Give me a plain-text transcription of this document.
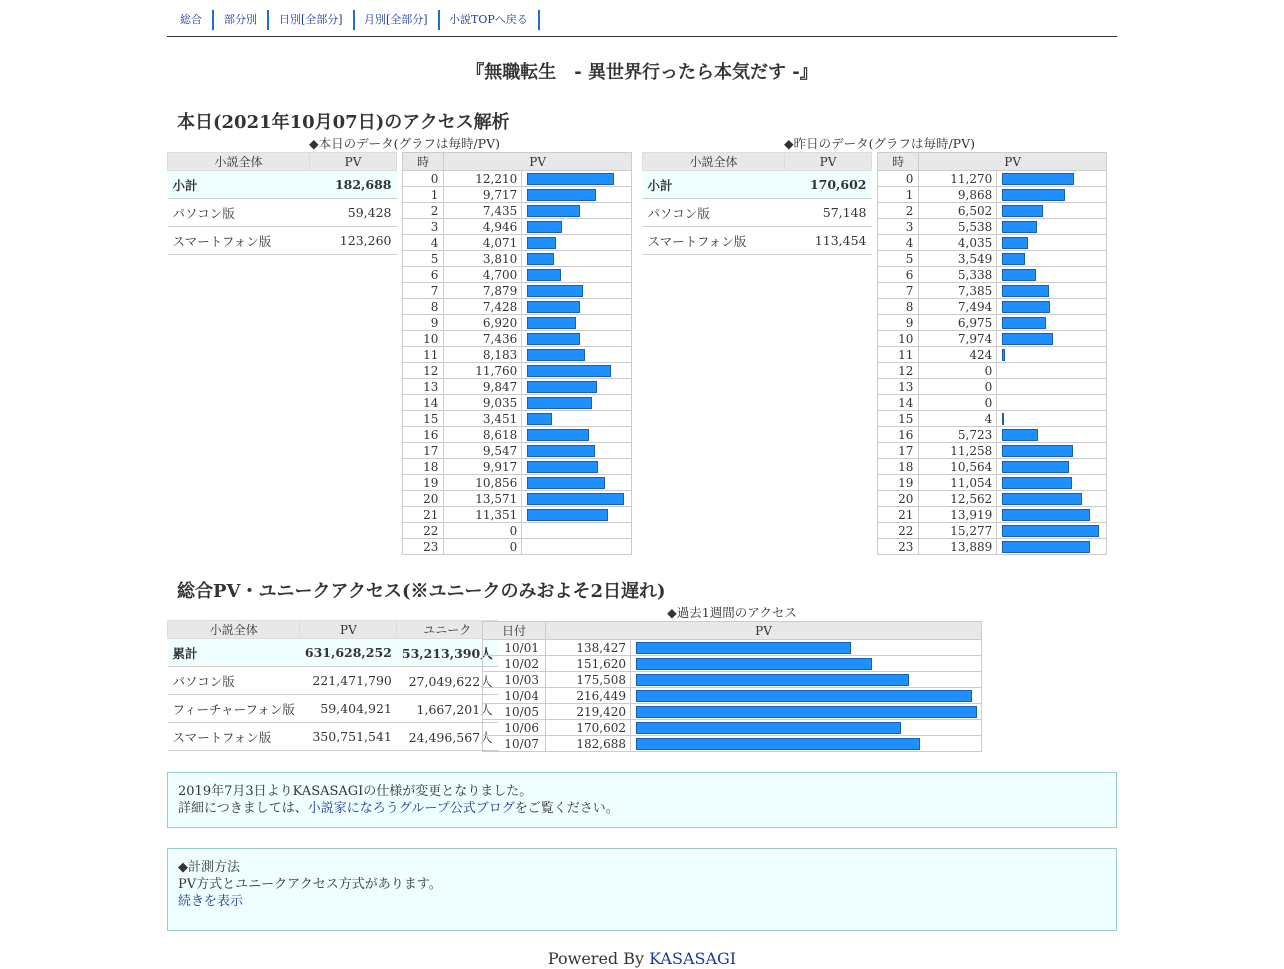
総合	部分別	日別[全部分]	月別[全部分]	小説TOPへ戻る
『無職転生　- 異世界行ったら本気だす -』
本日(2021年10月07日)のアクセス解析
◆本日のデータ(グラフは毎時/PV)
小説全体	PV
小計	182,688
パソコン版	59,428
スマートフォン版	123,260
時	PV	
0	12,210	

1	9,717	

2	7,435	

3	4,946	

4	4,071	

5	3,810	

6	4,700	

7	7,879	

8	7,428	

9	6,920	

10	7,436	

11	8,183	

12	11,760	

13	9,847	

14	9,035	

15	3,451	

16	8,618	

17	9,547	

18	9,917	

19	10,856	

20	13,571	

21	11,351	

22	0	
23	0	
◆昨日のデータ(グラフは毎時/PV)
小説全体	PV
小計	170,602
パソコン版	57,148
スマートフォン版	113,454
時	PV	
0	11,270	

1	9,868	

2	6,502	

3	5,538	

4	4,035	

5	3,549	

6	5,338	

7	7,385	

8	7,494	

9	6,975	

10	7,974	

11	424	

12	0	
13	0	
14	0	
15	4	

16	5,723	

17	11,258	

18	10,564	

19	11,054	

20	12,562	

21	13,919	

22	15,277	

23	13,889	
総合PV・ユニークアクセス(※ユニークのみおよそ2日遅れ)
小説全体	PV	ユニーク
累計	631,628,252	53,213,390人
パソコン版	221,471,790	27,049,622人
フィーチャーフォン版	59,404,921	1,667,201人
スマートフォン版	350,751,541	24,496,567人
◆過去1週間のアクセス
日付	PV	
10/01	138,427	

10/02	151,620	

10/03	175,508	

10/04	216,449	

10/05	219,420	

10/06	170,602	

10/07	182,688	
2019年7月3日よりKASASAGIの仕様が変更となりました。
詳細につきましては、小説家になろうグループ公式ブログをご覧ください。
◆計測方法
PV方式とユニークアクセス方式があります。
続きを表示
Powered By KASASAGI
